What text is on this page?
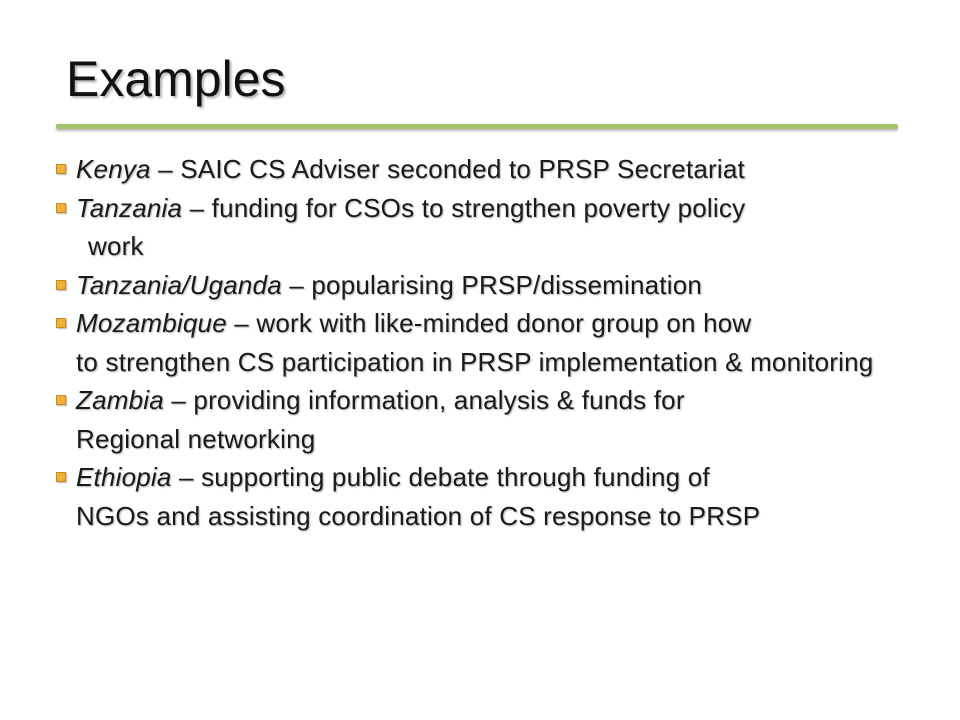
Examples
Kenya – SAIC CS Adviser seconded to PRSP Secretariat
Tanzania – funding for CSOs to strengthen poverty policy
work
Tanzania/Uganda – popularising PRSP/dissemination
Mozambique – work with like-minded donor group on how
to strengthen CS participation in PRSP implementation & monitoring
Zambia – providing information, analysis & funds for
Regional networking
Ethiopia – supporting public debate through funding of
NGOs and assisting coordination of CS response to PRSP
